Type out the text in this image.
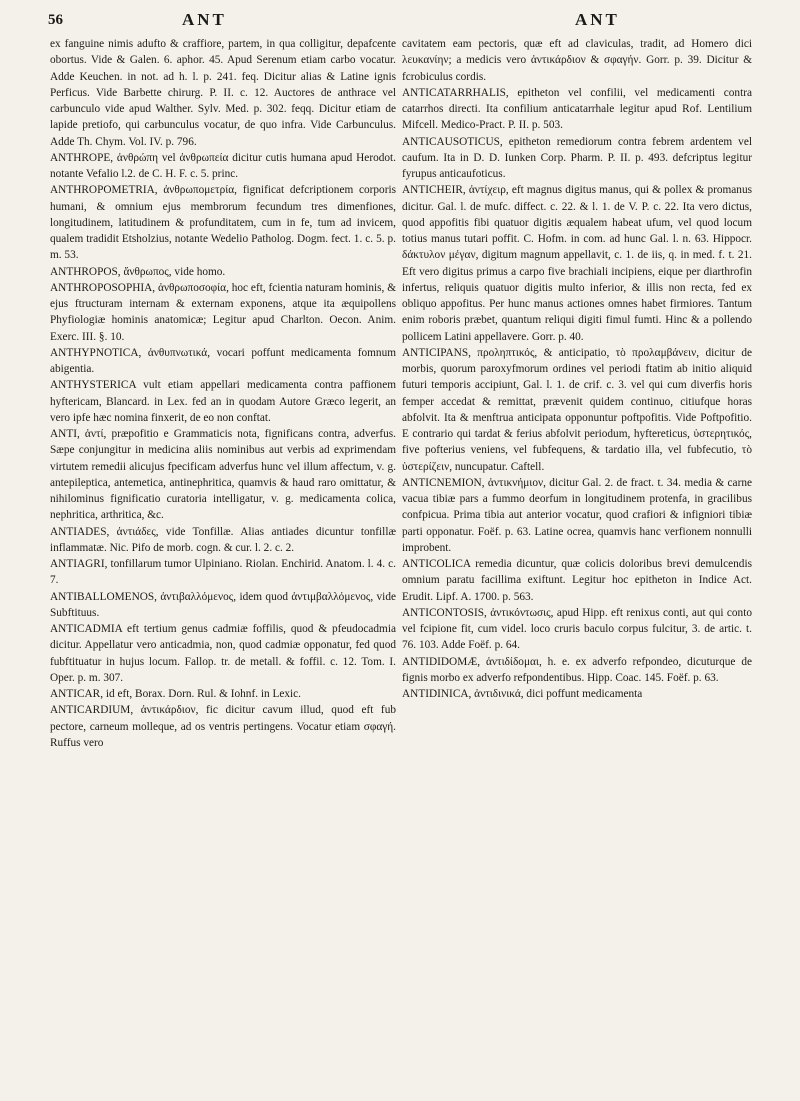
56	ANT	ANT

ex fanguine nimis adufto & craffiore, partem, in qua colligitur, depafcente obortus. Vide & Galen. 6. aphor. 45. Apud Serenum etiam carbo vocatur. Adde Keuchen. in not. ad h. l. p. 241. feq. Dicitur alias & Latine ignis Perficus. Vide Barbette chirurg. P. II. c. 12. Auctores de anthrace vel carbunculo vide apud Walther. Sylv. Med. p. 302. feqq. Dicitur etiam de lapide pretiofo, qui carbunculus vocatur, de quo infra. Vide Carbunculus. Adde Th. Chym. Vol. IV. p. 796.

ANTHROPE, ἀνθρώπη vel ἀνθρωπεία dicitur cutis humana apud Herodot. notante Vefalio l.2. de C. H. F. c. 5. princ.

ANTHROPOMETRIA, ἀνθρωπομετρία, fignificat defcriptionem corporis humani, & omnium ejus membrorum fecundum tres dimenfiones, longitudinem, latitudinem & profunditatem, cum in fe, tum ad invicem, qualem tradidit Etsholzius, notante Wedelio Patholog. Dogm. fect. 1. c. 5. p. m. 53.

ANTHROPOS, ἄνθρωπος, vide homo.

ANTHROPOSOPHIA, ἀνθρωποσοφία, hoc eft, fcientia naturam hominis, & ejus ftructuram internam & externam exponens, atque ita æquipollens Phyfiologiæ hominis anatomicæ; Legitur apud Charlton. Oecon. Anim. Exerc. III. §. 10.

ANTHYPNOTICA, ἀνθυπνωτικά, vocari poffunt medicamenta fomnum abigentia.

ANTHYSTERICA vult etiam appellari medicamenta contra paffionem hyftericam, Blancard. in Lex. fed an in quodam Autore Græco legerit, an vero ipfe hæc nomina finxerit, de eo non conftat.

ANTI, ἀντί, præpofitio e Grammaticis nota, fignificans contra, adverfus. Sæpe conjungitur in medicina aliis nominibus aut verbis ad exprimendam virtutem remedii alicujus fpecificam adverfus hunc vel illum affectum, v. g. antepileptica, antemetica, antinephritica, quamvis & haud raro omittatur, & nihilominus fignificatio curatoria intelligatur, v. g. medicamenta colica, nephritica, arthritica, &c.

ANTIADES, ἀντιάδες, vide Tonfillæ. Alias antiades dicuntur tonfillæ inflammatæ. Nic. Pifo de morb. cogn. & cur. l. 2. c. 2.

ANTIAGRI, tonfillarum tumor Ulpiniano. Riolan. Enchirid. Anatom. l. 4. c. 7.

ANTIBALLOMENOS, ἀντιβαλλόμενος, idem quod ἀντιμβαλλόμενος, vide Subftituus.

ANTICADMIA eft tertium genus cadmiæ foffilis, quod & pfeudocadmia dicitur. Appellatur vero anticadmia, non, quod cadmiæ opponatur, fed quod fubftituatur in hujus locum. Fallop. tr. de metall. & foffil. c. 12. Tom. I. Oper. p. m. 307.

ANTICAR, id eft, Borax. Dorn. Rul. & Iohnf. in Lexic.

ANTICARDIUM, ἀντικάρδιον, fic dicitur cavum illud, quod eft fub pectore, carneum molleque, ad os ventris pertingens. Vocatur etiam σφαγή. Ruffus vero

cavitatem eam pectoris, quæ eft ad claviculas, tradit, ad Homero dici λευκανίην; a medicis vero ἀντικάρδιον & σφαγήν. Gorr. p. 39. Dicitur & fcrobiculus cordis.

ANTICATARRHALIS, epitheton vel confilii, vel medicamenti contra catarrhos directi. Ita confilium anticatarrhale legitur apud Rof. Lentilium Mifcell. Medico-Pract. P. II. p. 503.

ANTICAUSOTICUS, epitheton remediorum contra febrem ardentem vel caufum. Ita in D. D. Iunken Corp. Pharm. P. II. p. 493. defcriptus legitur fyrupus anticaufoticus.

ANTICHEIR, ἀντίχειρ, eft magnus digitus manus, qui & pollex & promanus dicitur. Gal. l. de mufc. diffect. c. 22. & l. 1. de V. P. c. 22. Ita vero dictus, quod appofitis fibi quatuor digitis æqualem habeat ufum, vel quod locum totius manus tutari poffit. C. Hofm. in com. ad hunc Gal. l. n. 63. Hippocr. δάκτυλον μέγαν, digitum magnum appellavit, c. 1. de iis, q. in med. f. t. 21. Eft vero digitus primus a carpo five brachiali incipiens, eique per diarthrofin infertus, reliquis quatuor digitis multo inferior, & illis non recta, fed ex obliquo appofitus. Per hunc manus actiones omnes habet firmiores. Tantum enim roboris præbet, quantum reliqui digiti fimul fumti. Hinc & a pollendo pollicem Latini appellavere. Gorr. p. 40.

ANTICIPANS, προληπτικός, & anticipatio, τὸ προλαμβάνειν, dicitur de morbis, quorum paroxyfmorum ordines vel periodi ftatim ab initio aliquid futuri temporis accipiunt, Gal. l. 1. de crif. c. 3. vel qui cum diverfis horis femper accedat & remittat, prævenit quidem continuo, citiufque horas abfolvit. Ita & menftrua anticipata opponuntur poftpofitis. Vide Poftpofitio. E contrario qui tardat & ferius abfolvit periodum, hyftereticus, ὑστερητικός, five pofterius veniens, vel fubfequens, & tardatio illa, vel fubfecutio, τὸ ὑστερίζειν, nuncupatur. Caftell.

ANTICNEMION, ἀντικνήμιον, dicitur Gal. 2. de fract. t. 34. media & carne vacua tibiæ pars a fummo deorfum in longitudinem protenfa, in gracilibus confpicua. Prima tibia aut anterior vocatur, quod crafiori & infigniori tibiæ parti opponatur. Foëf. p. 63. Latine ocrea, quamvis hanc verfionem nonnulli improbent.

ANTICOLICA remedia dicuntur, quæ colicis doloribus brevi demulcendis omnium paratu facillima exiftunt. Legitur hoc epitheton in Indice Act. Erudit. Lipf. A. 1700. p. 563.

ANTICONTOSIS, ἀντικόντωσις, apud Hipp. eft renixus conti, aut qui conto vel fcipione fit, cum videl. loco cruris baculo corpus fulcitur, 3. de artic. t. 76. 103. Adde Foëf. p. 64.

ANTIDIDOMÆ, ἀντιδίδομαι, h. e. ex adverfo refpondeo, dicuturque de fignis morbo ex adverfo refpondentibus. Hipp. Coac. 145. Foëf. p. 63.

ANTIDINICA, ἀντιδινικά, dici poffunt medicamenta
